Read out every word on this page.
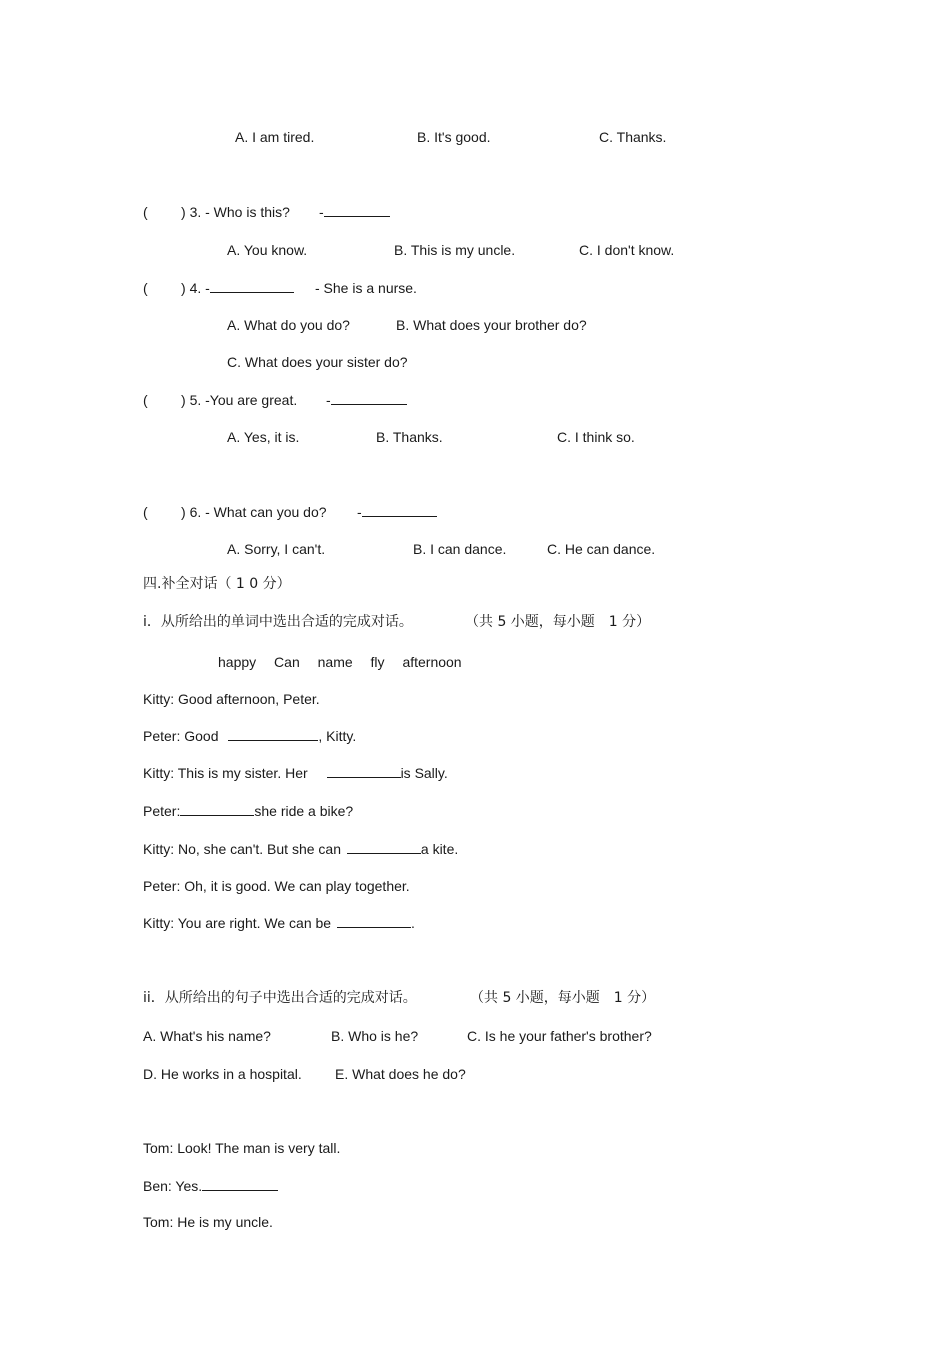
A. I am tired.	B. It's good.	C. Thanks.
( ) 3. - Who is this? -
A. You know.	B. This is my uncle.	C. I don't know.
( ) 4. -	- She is a nurse.
A. What do you do?	B. What does your brother do?
C. What does your sister do?
( ) 5. -You are great. -
A. Yes, it is.	B. Thanks.	C. I think so.
( ) 6. - What can you do? -
A. Sorry, I can't.	B. I can dance.	C. He can dance.
四.补全对话（ 1 0 分）
i．从所给出的单词中选出合适的完成对话。	（共 5 小题，每小题　1 分）
happy Can name fly afternoon
Kitty: Good afternoon, Peter.
Peter: Good	, Kitty.
Kitty: This is my sister. Her	is Sally.
Peter:	she ride a bike?
Kitty: No, she can't. But she can	a kite.
Peter: Oh, it is good. We can play together.
Kitty: You are right. We can be	.
ii．从所给出的句子中选出合适的完成对话。	（共 5 小题，每小题　1 分）
A. What's his name?	B. Who is he?	C. Is he your father's brother?
D. He works in a hospital. E. What does he do?
Tom: Look! The man is very tall.
Ben: Yes.
Tom: He is my uncle.
